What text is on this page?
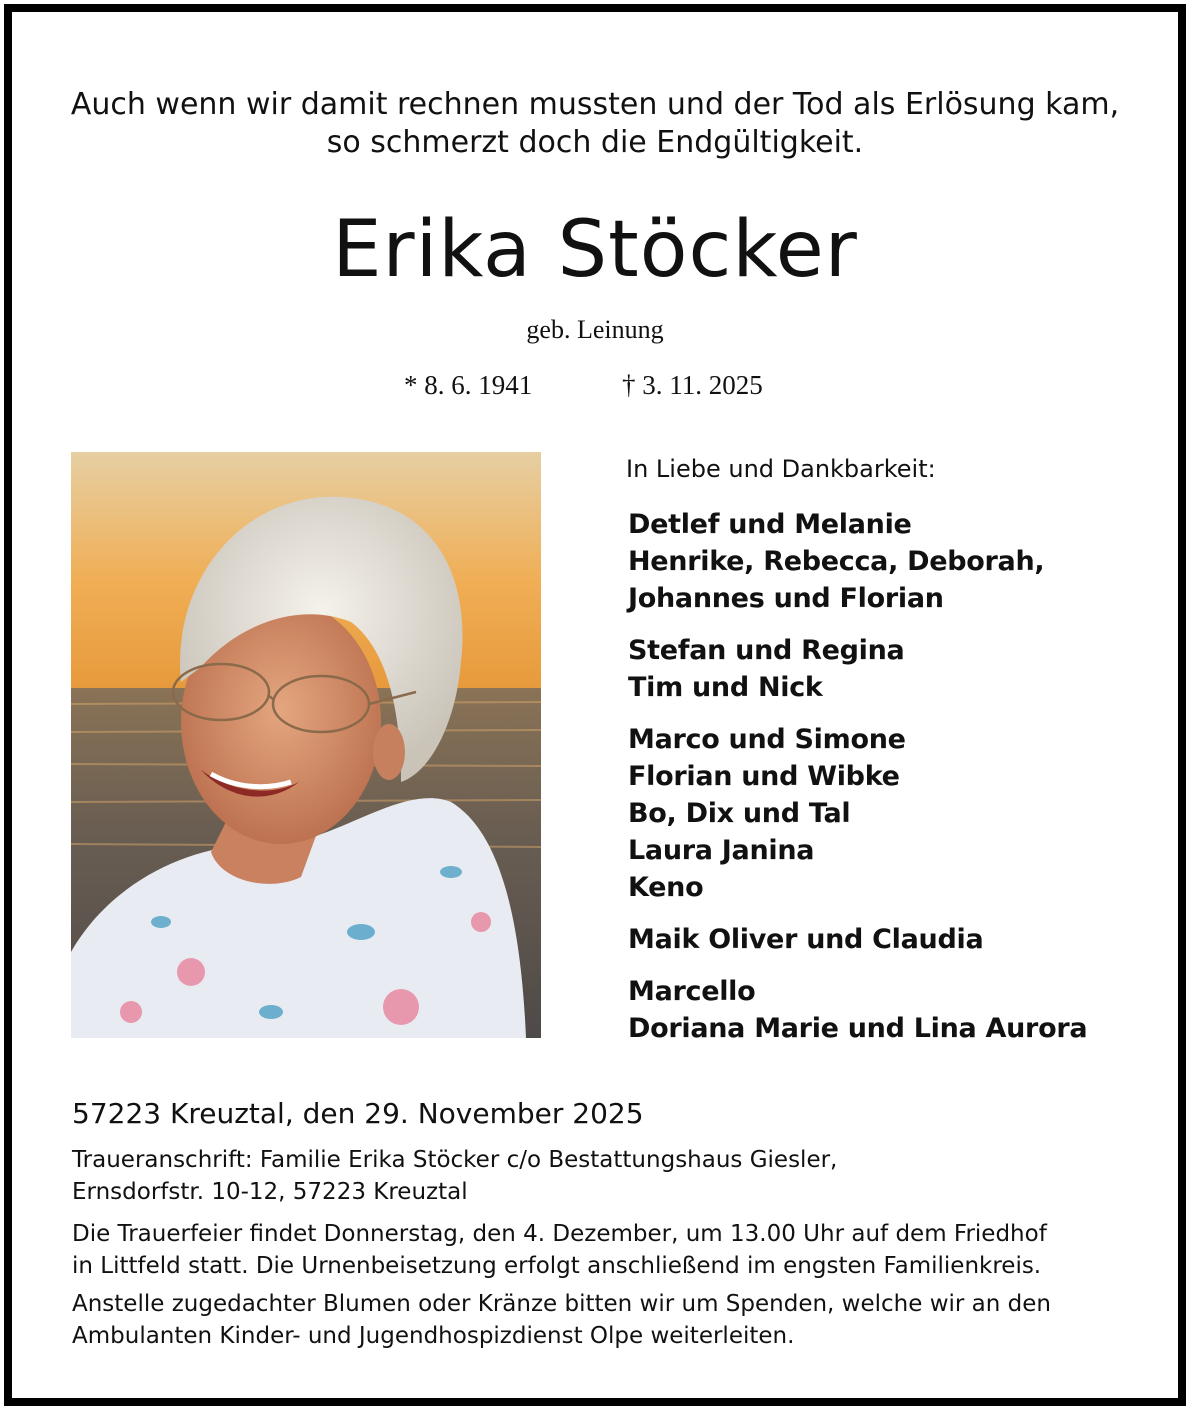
Auch wenn wir damit rechnen mussten und der Tod als Erlösung kam,
so schmerzt doch die Endgültigkeit.
Erika Stöcker
geb. Leinung
* 8. 6. 1941	† 3. 11. 2025
In Liebe und Dankbarkeit:
Detlef und Melanie
Henrike, Rebecca, Deborah,
Johannes und Florian
Stefan und Regina
Tim und Nick
Marco und Simone
Florian und Wibke
Bo, Dix und Tal
Laura Janina
Keno
Maik Oliver und Claudia
Marcello
Doriana Marie und Lina Aurora
57223 Kreuztal, den 29. November 2025
Traueranschrift: Familie Erika Stöcker c/o Bestattungshaus Giesler,
Ernsdorfstr. 10-12, 57223 Kreuztal
Die Trauerfeier findet Donnerstag, den 4. Dezember, um 13.00 Uhr auf dem Friedhof
in Littfeld statt. Die Urnenbeisetzung erfolgt anschließend im engsten Familienkreis.
Anstelle zugedachter Blumen oder Kränze bitten wir um Spenden, welche wir an den
Ambulanten Kinder- und Jugendhospizdienst Olpe weiterleiten.
